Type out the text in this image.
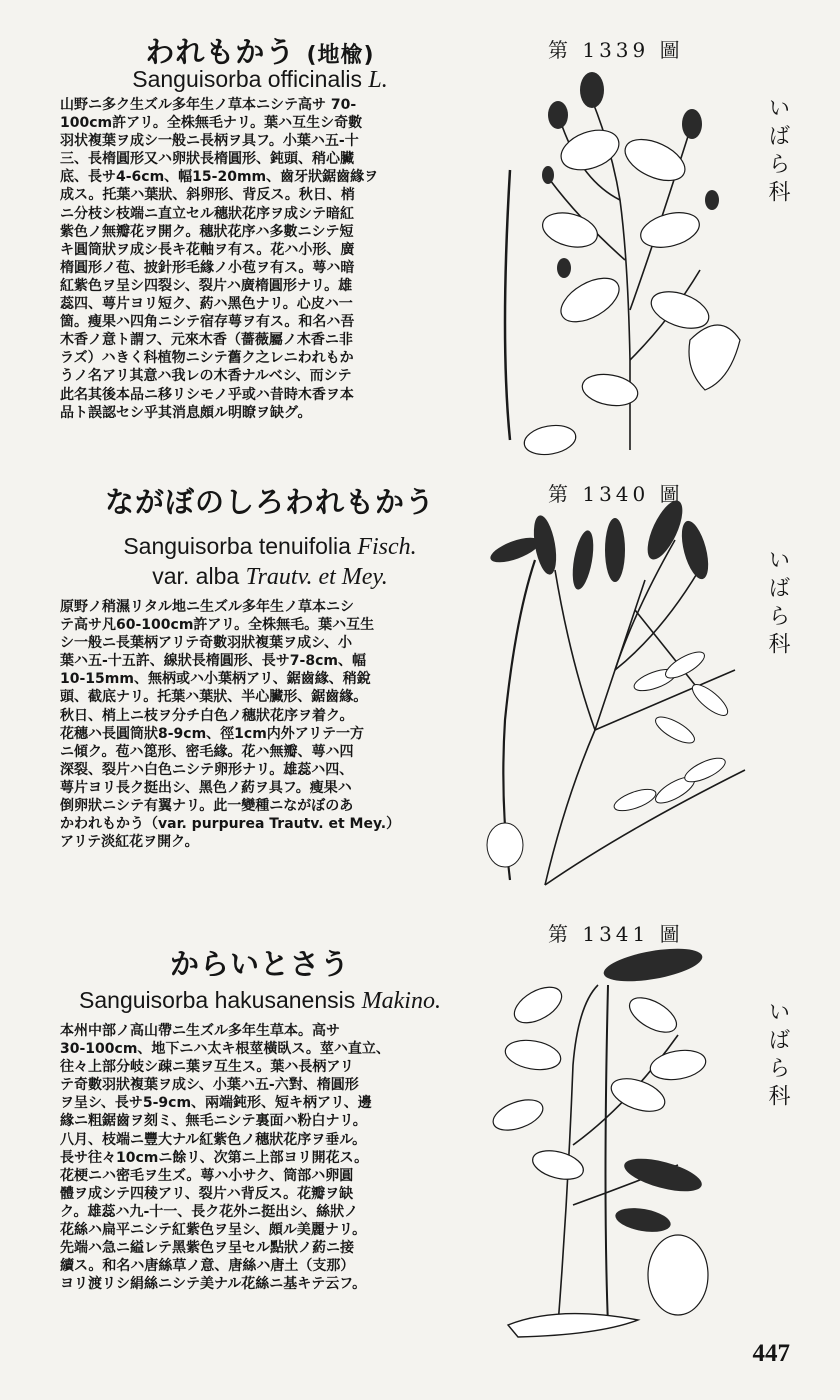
われもかう (地楡)
Sanguisorba officinalis L.
山野ニ多ク生ズル多年生ノ草本ニシテ高サ 70-
100cm許アリ。全株無毛ナリ。葉ハ互生シ奇數
羽状複葉ヲ成シ一般ニ長柄ヲ具フ。小葉ハ五-十
三、長楕圓形又ハ卵狀長楕圓形、鈍頭、稍心臟
底、長サ4-6cm、幅15-20mm、齒牙狀鋸齒緣ヲ
成ス。托葉ハ葉狀、斜卵形、背反ス。秋日、梢
ニ分枝シ枝端ニ直立セル穗狀花序ヲ成シテ暗紅
紫色ノ無瓣花ヲ開ク。穗狀花序ハ多數ニシテ短
キ圓筒狀ヲ成シ長キ花軸ヲ有ス。花ハ小形、廣
楕圓形ノ苞、披針形毛緣ノ小苞ヲ有ス。萼ハ暗
紅紫色ヲ呈シ四裂シ、裂片ハ廣楕圓形ナリ。雄
蕊四、萼片ヨリ短ク、葯ハ黑色ナリ。心皮ハ一
箇。瘦果ハ四角ニシテ宿存萼ヲ有ス。和名ハ吾
木香ノ意ト謂フ、元來木香（薔薇屬ノ木香ニ非
ラズ）ハきく科植物ニシテ舊ク之レニわれもか
うノ名アリ其意ハ我レの木香ナルベシ、而シテ
此名其後本品ニ移リシモノ乎或ハ昔時木香ヲ本
品ト誤認セシ乎其消息頗ル明瞭ヲ缺グ。
第 1339 圖
いばら科
ながぼのしろわれもかう
Sanguisorba tenuifolia Fisch.
var. alba Trautv. et Mey.
原野ノ稍濕リタル地ニ生ズル多年生ノ草本ニシ
テ高サ凡60-100cm許アリ。全株無毛。葉ハ互生
シ一般ニ長葉柄アリテ奇數羽狀複葉ヲ成シ、小
葉ハ五-十五許、線狀長楕圓形、長サ7-8cm、幅
10-15mm、無柄或ハ小葉柄アリ、鋸齒緣、稍銳
頭、截底ナリ。托葉ハ葉狀、半心臟形、鋸齒緣。
秋日、梢上ニ枝ヲ分チ白色ノ穗狀花序ヲ着ク。
花穗ハ長圓筒狀8-9cm、徑1cm内外アリテ一方
ニ傾ク。苞ハ箆形、密毛緣。花ハ無瓣、萼ハ四
深裂、裂片ハ白色ニシテ卵形ナリ。雄蕊ハ四、
萼片ヨリ長ク挺出シ、黑色ノ葯ヲ具フ。瘦果ハ
倒卵狀ニシテ有翼ナリ。此一變種ニながぼのあ
かわれもかう（var. purpurea Trautv. et Mey.）
アリテ淡紅花ヲ開ク。
第 1340 圖
いばら科
からいとさう
Sanguisorba hakusanensis Makino.
本州中部ノ高山帶ニ生ズル多年生草本。高サ
30-100cm、地下ニハ太キ根莖橫臥ス。莖ハ直立、
往々上部分岐シ疎ニ葉ヲ互生ス。葉ハ長柄アリ
テ奇數羽狀複葉ヲ成シ、小葉ハ五-六對、楕圓形
ヲ呈シ、長サ5-9cm、兩端鈍形、短キ柄アリ、邊
緣ニ粗鋸齒ヲ刻ミ、無毛ニシテ裏面ハ粉白ナリ。
八月、枝端ニ豐大ナル紅紫色ノ穗狀花序ヲ垂ル。
長サ往々10cmニ餘リ、次第ニ上部ヨリ開花ス。
花梗ニハ密毛ヲ生ズ。萼ハ小サク、筒部ハ卵圓
體ヲ成シテ四稜アリ、裂片ハ背反ス。花瓣ヲ缺
ク。雄蕊ハ九-十一、長ク花外ニ挺出シ、絲狀ノ
花絲ハ扁平ニシテ紅紫色ヲ呈シ、頗ル美麗ナリ。
先端ハ急ニ縊レテ黑紫色ヲ呈セル點狀ノ葯ニ接
續ス。和名ハ唐絲草ノ意、唐絲ハ唐土（支那）
ヨリ渡リシ絹絲ニシテ美ナル花絲ニ基キテ云フ。
第 1341 圖
いばら科
447
